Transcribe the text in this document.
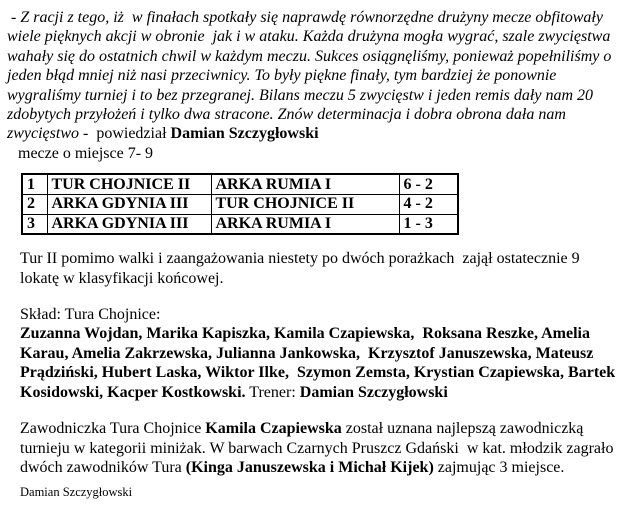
- Z racji z tego, iż  w finałach spotkały się naprawdę równorzędne drużyny mecze obfitowały wiele pięknych akcji w obronie  jak i w ataku. Każda drużyna mogła wygrać, szale zwycięstwa wahały się do ostatnich chwil w każdym meczu. Sukces osiągnęliśmy, ponieważ popełniliśmy o jeden błąd mniej niż nasi przeciwnicy. To były piękne finały, tym bardziej że ponownie wygraliśmy turniej i to bez przegranej. Bilans meczu 5 zwycięstw i jeden remis dały nam 20 zdobytych przyłożeń i tylko dwa stracone. Znów determinacja i dobra obrona dała nam zwycięstwo -  powiedział Damian Szczygłowski

mecze o miejsce 7- 9

1	TUR CHOJNICE II	ARKA RUMIA I	6 - 2
2	ARKA GDYNIA III	TUR CHOJNICE II	4 - 2
3	ARKA GDYNIA III	ARKA RUMIA I	1 - 3

Tur II pomimo walki i zaangażowania niestety po dwóch porażkach  zajął ostatecznie 9 lokatę w klasyfikacji końcowej.

Skład: Tura Chojnice:

Zuzanna Wojdan, Marika Kapiszka, Kamila Czapiewska,  Roksana Reszke, Amelia Karau, Amelia Zakrzewska, Julianna Jankowska,  Krzysztof Januszewska, Mateusz Prądziński, Hubert Laska, Wiktor Ilke,  Szymon Zemsta, Krystian Czapiewska, Bartek Kosidowski, Kacper Kostkowski. Trener: Damian Szczygłowski

Zawodniczka Tura Chojnice Kamila Czapiewska został uznana najlepszą zawodniczką turnieju w kategorii miniżak. W barwach Czarnych Pruszcz Gdański  w kat. młodzik zagrało dwóch zawodników Tura (Kinga Januszewska i Michał Kijek) zajmując 3 miejsce.

Damian Szczygłowski
